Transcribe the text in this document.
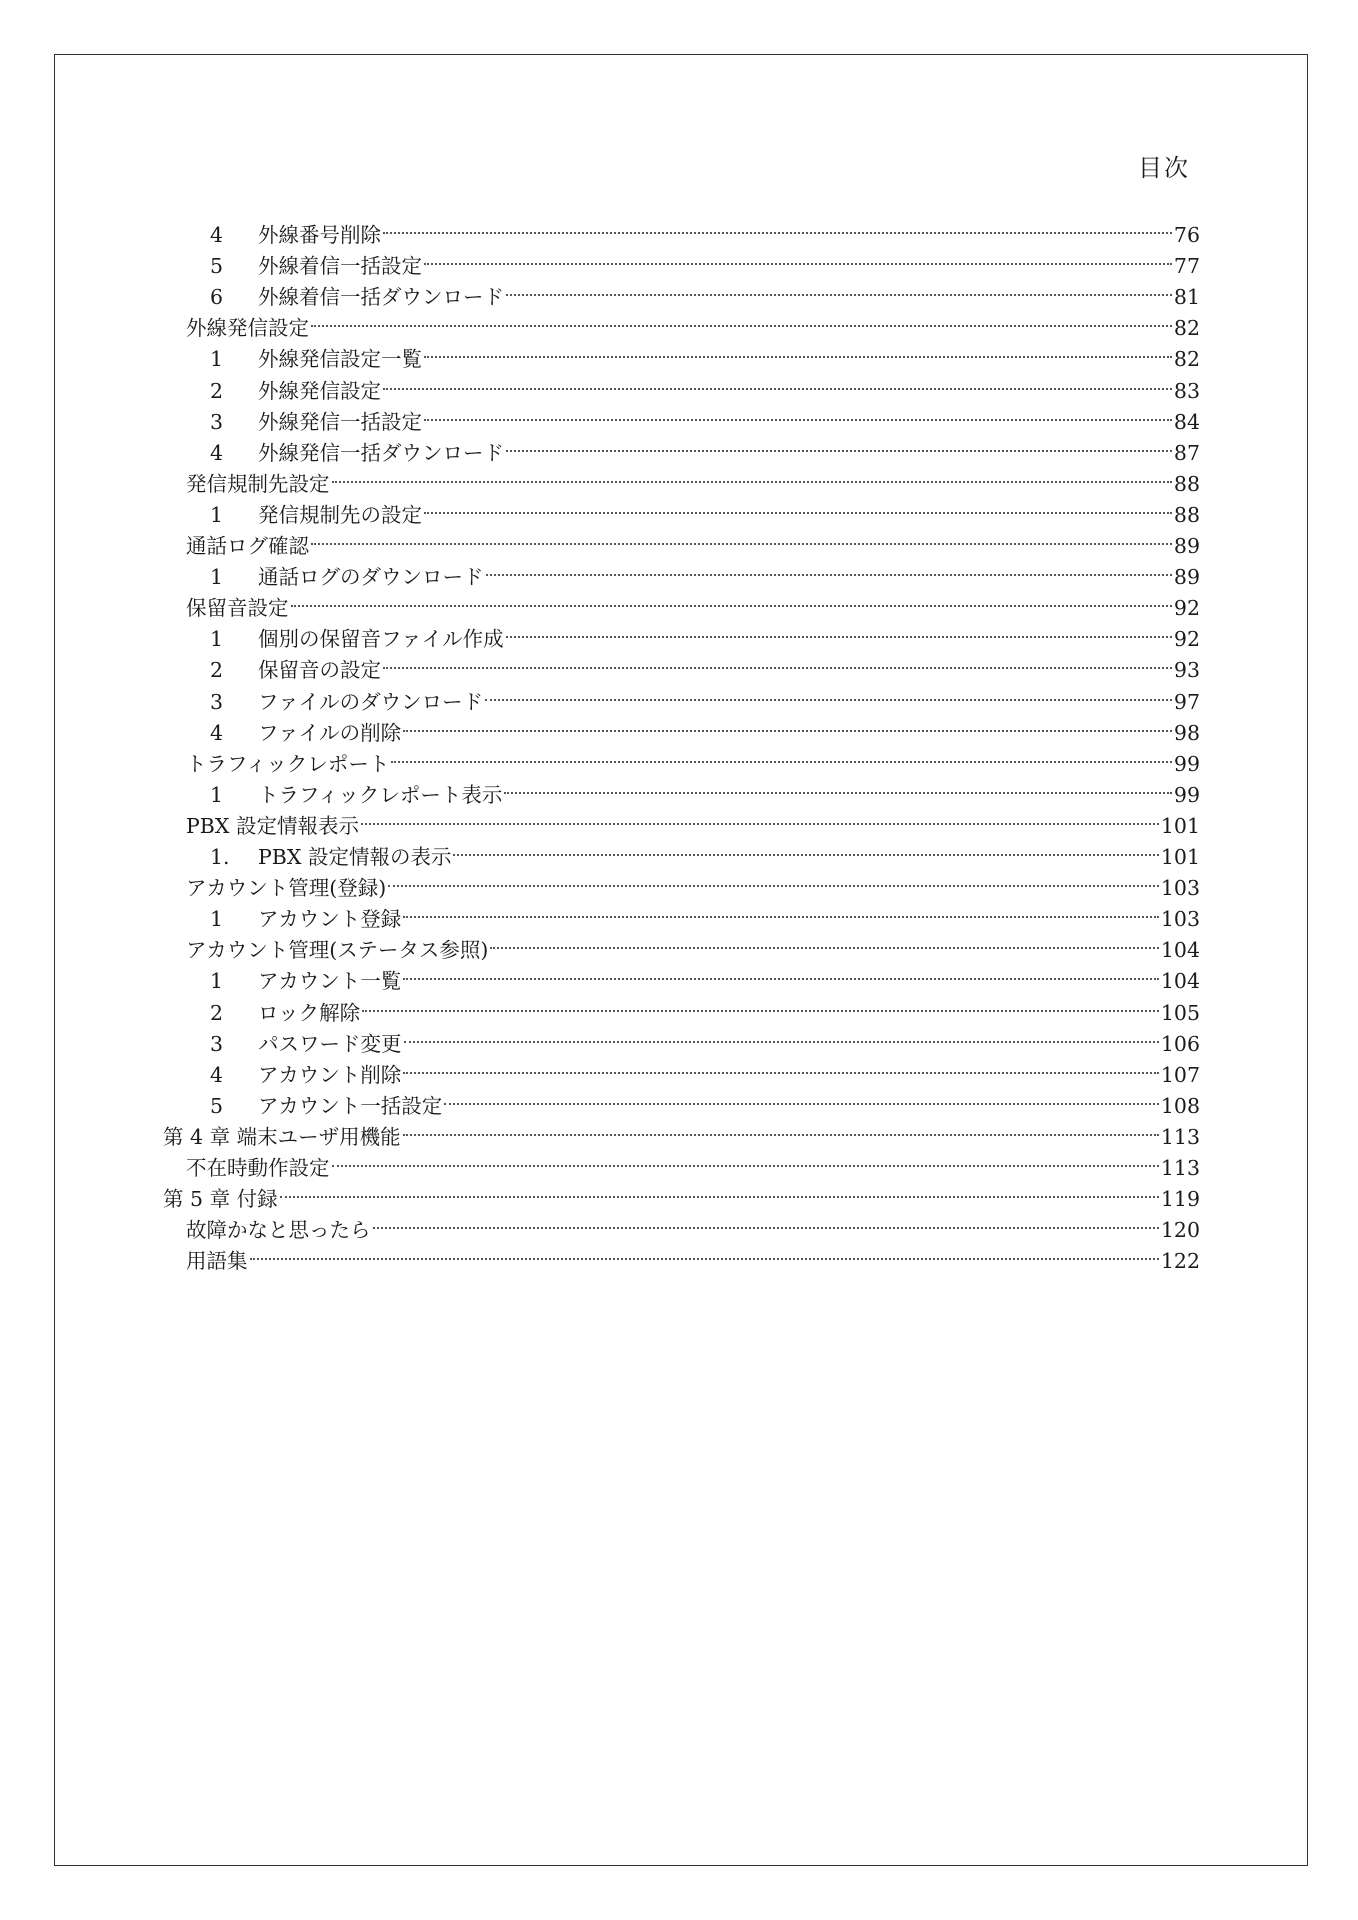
目次
4	外線番号削除	76
5	外線着信一括設定	77
6	外線着信一括ダウンロード	81
外線発信設定	82
1	外線発信設定一覧	82
2	外線発信設定	83
3	外線発信一括設定	84
4	外線発信一括ダウンロード	87
発信規制先設定	88
1	発信規制先の設定	88
通話ログ確認	89
1	通話ログのダウンロード	89
保留音設定	92
1	個別の保留音ファイル作成	92
2	保留音の設定	93
3	ファイルのダウンロード	97
4	ファイルの削除	98
トラフィックレポート	99
1	トラフィックレポート表示	99
PBX 設定情報表示	101
1.	PBX 設定情報の表示	101
アカウント管理(登録)	103
1	アカウント登録	103
アカウント管理(ステータス参照)	104
1	アカウント一覧	104
2	ロック解除	105
3	パスワード変更	106
4	アカウント削除	107
5	アカウント一括設定	108
第 4 章 端末ユーザ用機能	113
不在時動作設定	113
第 5 章 付録	119
故障かなと思ったら	120
用語集	122
